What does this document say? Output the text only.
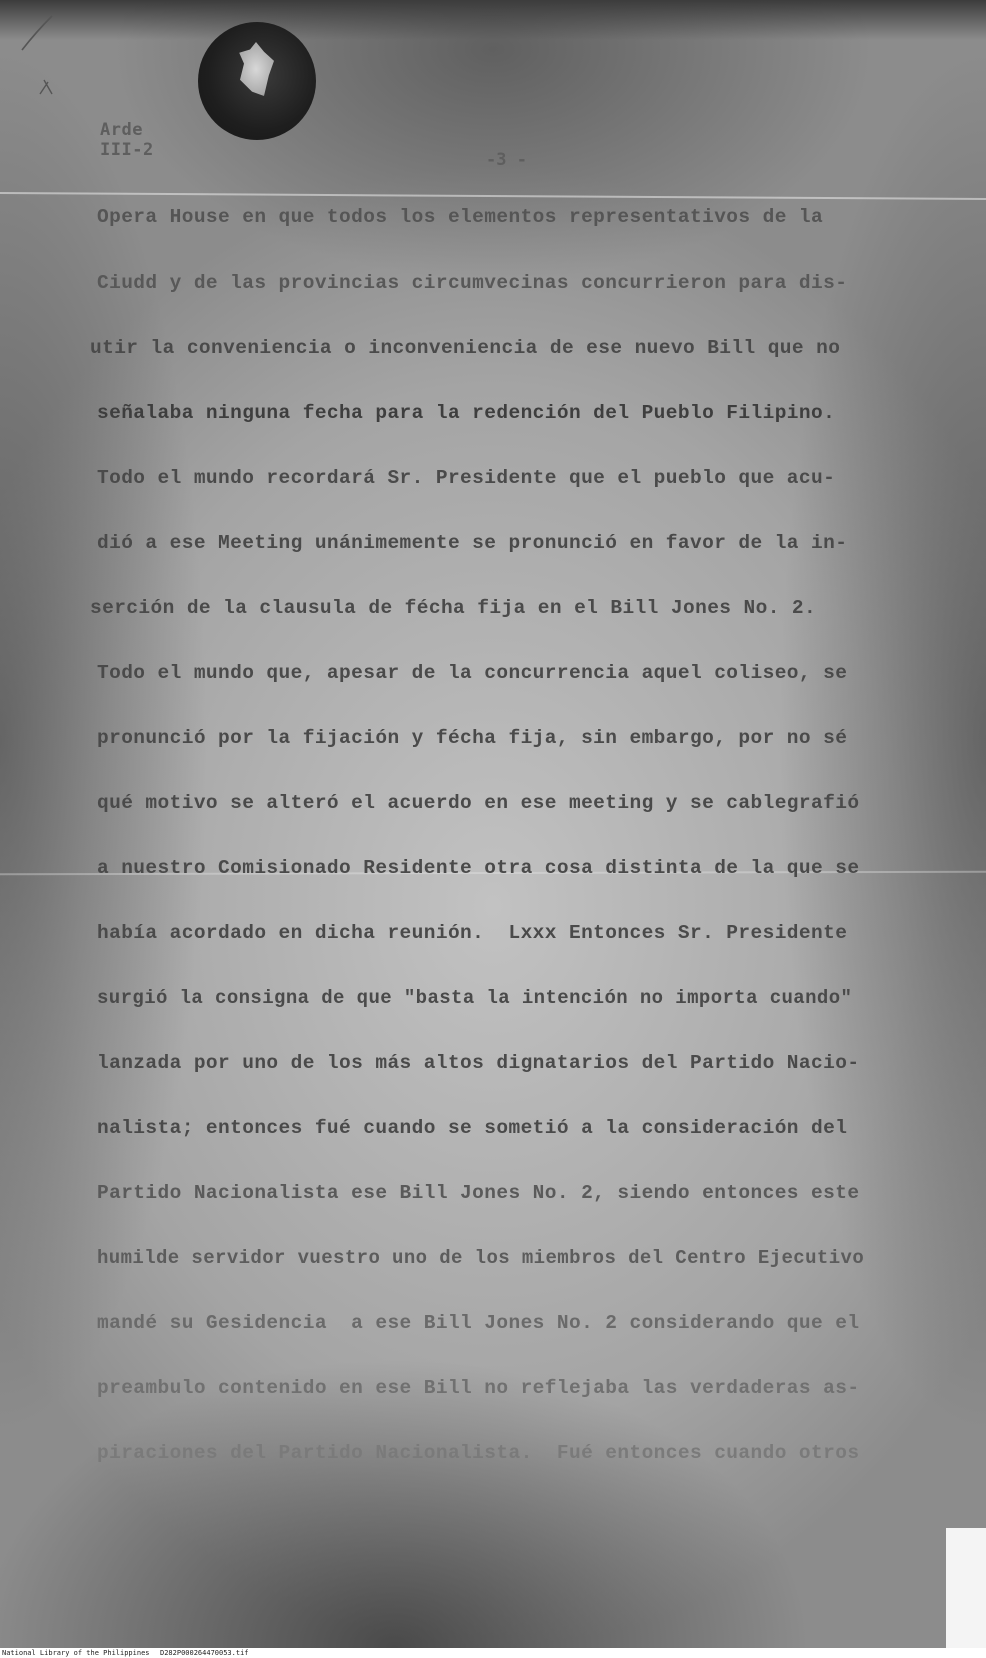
Arde
III-2	-3 -
Opera House en que todos los elementos representativos de la
Ciudd y de las provincias circumvecinas concurrieron para dis-
utir la conveniencia o inconveniencia de ese nuevo Bill que no
señalaba ninguna fecha para la redención del Pueblo Filipino.
Todo el mundo recordará Sr. Presidente que el pueblo que acu-
dió a ese Meeting unánimemente se pronunció en favor de la in-
serción de la clausula de fécha fija en el Bill Jones No. 2.
Todo el mundo que, apesar de la concurrencia aquel coliseo, se
pronunció por la fijación y fécha fija, sin embargo, por no sé
qué motivo se alteró el acuerdo en ese meeting y se cablegrafió
a nuestro Comisionado Residente otra cosa distinta de la que se
había acordado en dicha reunión.  Lxxx Entonces Sr. Presidente
surgió la consigna de que "basta la intención no importa cuando"
lanzada por uno de los más altos dignatarios del Partido Nacio-
nalista; entonces fué cuando se sometió a la consideración del
Partido Nacionalista ese Bill Jones No. 2, siendo entonces este
humilde servidor vuestro uno de los miembros del Centro Ejecutivo
mandé su Gesidencia  a ese Bill Jones No. 2 considerando que el
preambulo contenido en ese Bill no reflejaba las verdaderas as-
piraciones del Partido Nacionalista.  Fué entonces cuando otros
National Library of the Philippines D282P000264470053.tif
